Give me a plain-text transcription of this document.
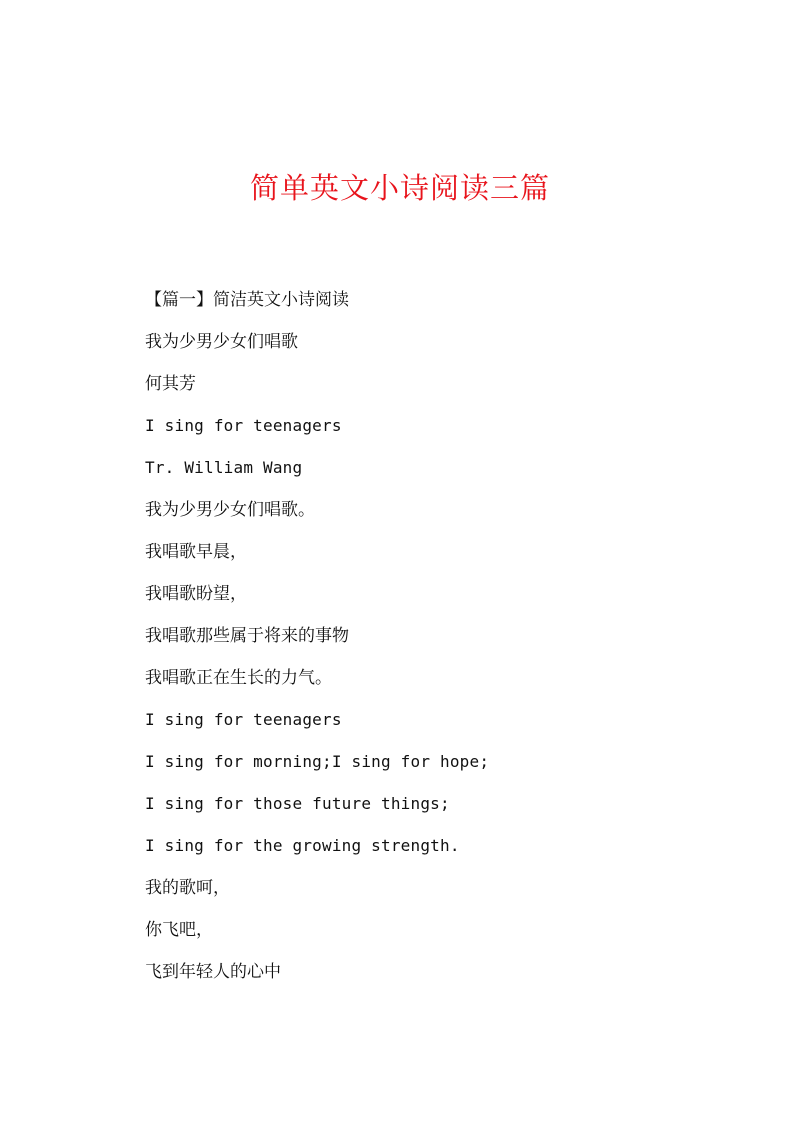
简单英文小诗阅读三篇
【篇一】简洁英文小诗阅读
我为少男少女们唱歌
何其芳
I sing for teenagers
Tr. William Wang
我为少男少女们唱歌。
我唱歌早晨，
我唱歌盼望，
我唱歌那些属于将来的事物
我唱歌正在生长的力气。
I sing for teenagers
I sing for morning;I sing for hope;
I sing for those future things;
I sing for the growing strength.
我的歌呵，
你飞吧，
飞到年轻人的心中
